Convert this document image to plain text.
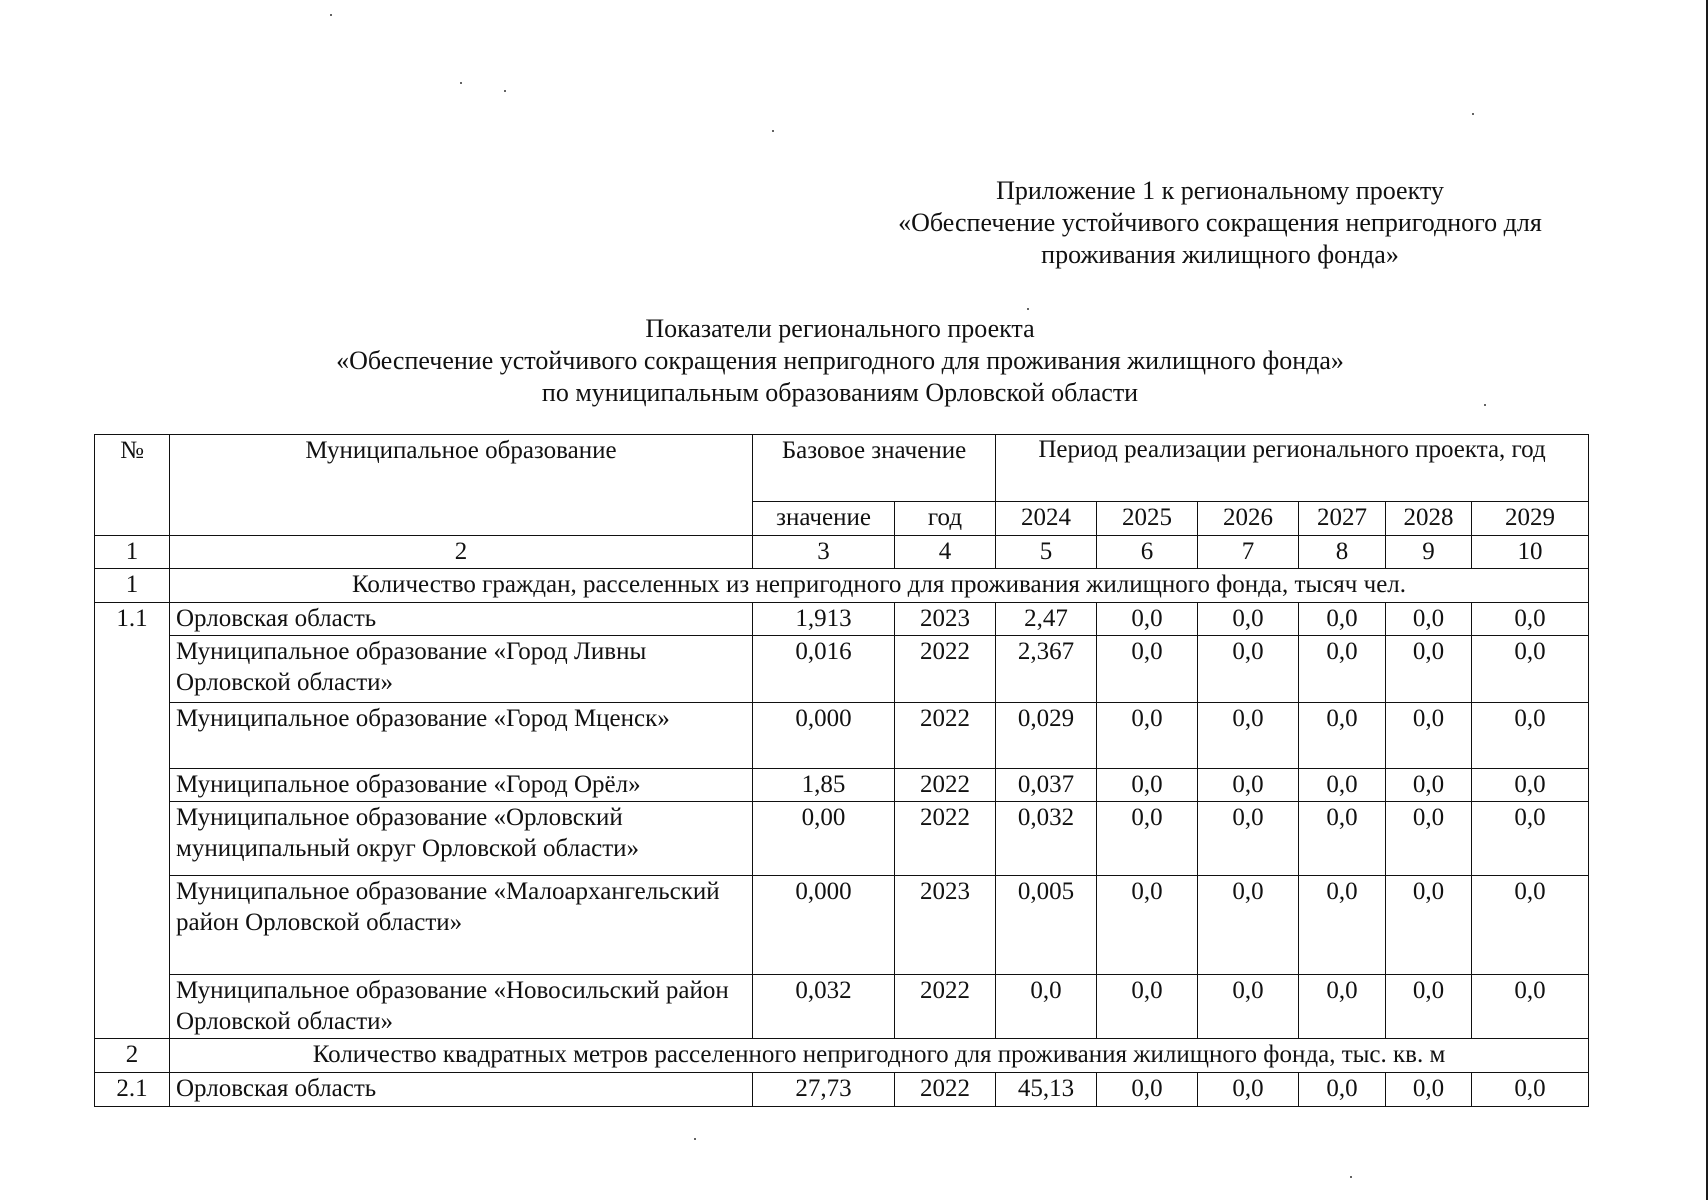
Приложение 1 к региональному проекту
«Обеспечение устойчивого сокращения непригодного для
проживания жилищного фонда»
Показатели регионального проекта
«Обеспечение устойчивого сокращения непригодного для проживания жилищного фонда»
по муниципальным образованиям Орловской области
№	Муниципальное образование	Базовое значение		Период реализации регионального проекта, год					
		значение	год	2024	2025	2026	2027	2028	2029
1	2	3	4	5	6	7	8	9	10
1	Количество граждан, расселенных из непригодного для проживания жилищного фонда, тысяч чел.								
1.1	Орловская область	1,913	2023	2,47	0,0	0,0	0,0	0,0	0,0
	Муниципальное образование «Город Ливны Орловской области»	0,016	2022	2,367	0,0	0,0	0,0	0,0	0,0
	Муниципальное образование «Город Мценск»	0,000	2022	0,029	0,0	0,0	0,0	0,0	0,0
	Муниципальное образование «Город Орёл»	1,85	2022	0,037	0,0	0,0	0,0	0,0	0,0
	Муниципальное образование «Орловский муниципальный округ Орловской области»	0,00	2022	0,032	0,0	0,0	0,0	0,0	0,0
	Муниципальное образование «Малоархангельский район Орловской области»	0,000	2023	0,005	0,0	0,0	0,0	0,0	0,0
	Муниципальное образование «Новосильский район Орловской области»	0,032	2022	0,0	0,0	0,0	0,0	0,0	0,0
2	Количество квадратных метров расселенного непригодного для проживания жилищного фонда, тыс. кв. м								
2.1	Орловская область	27,73	2022	45,13	0,0	0,0	0,0	0,0	0,0
